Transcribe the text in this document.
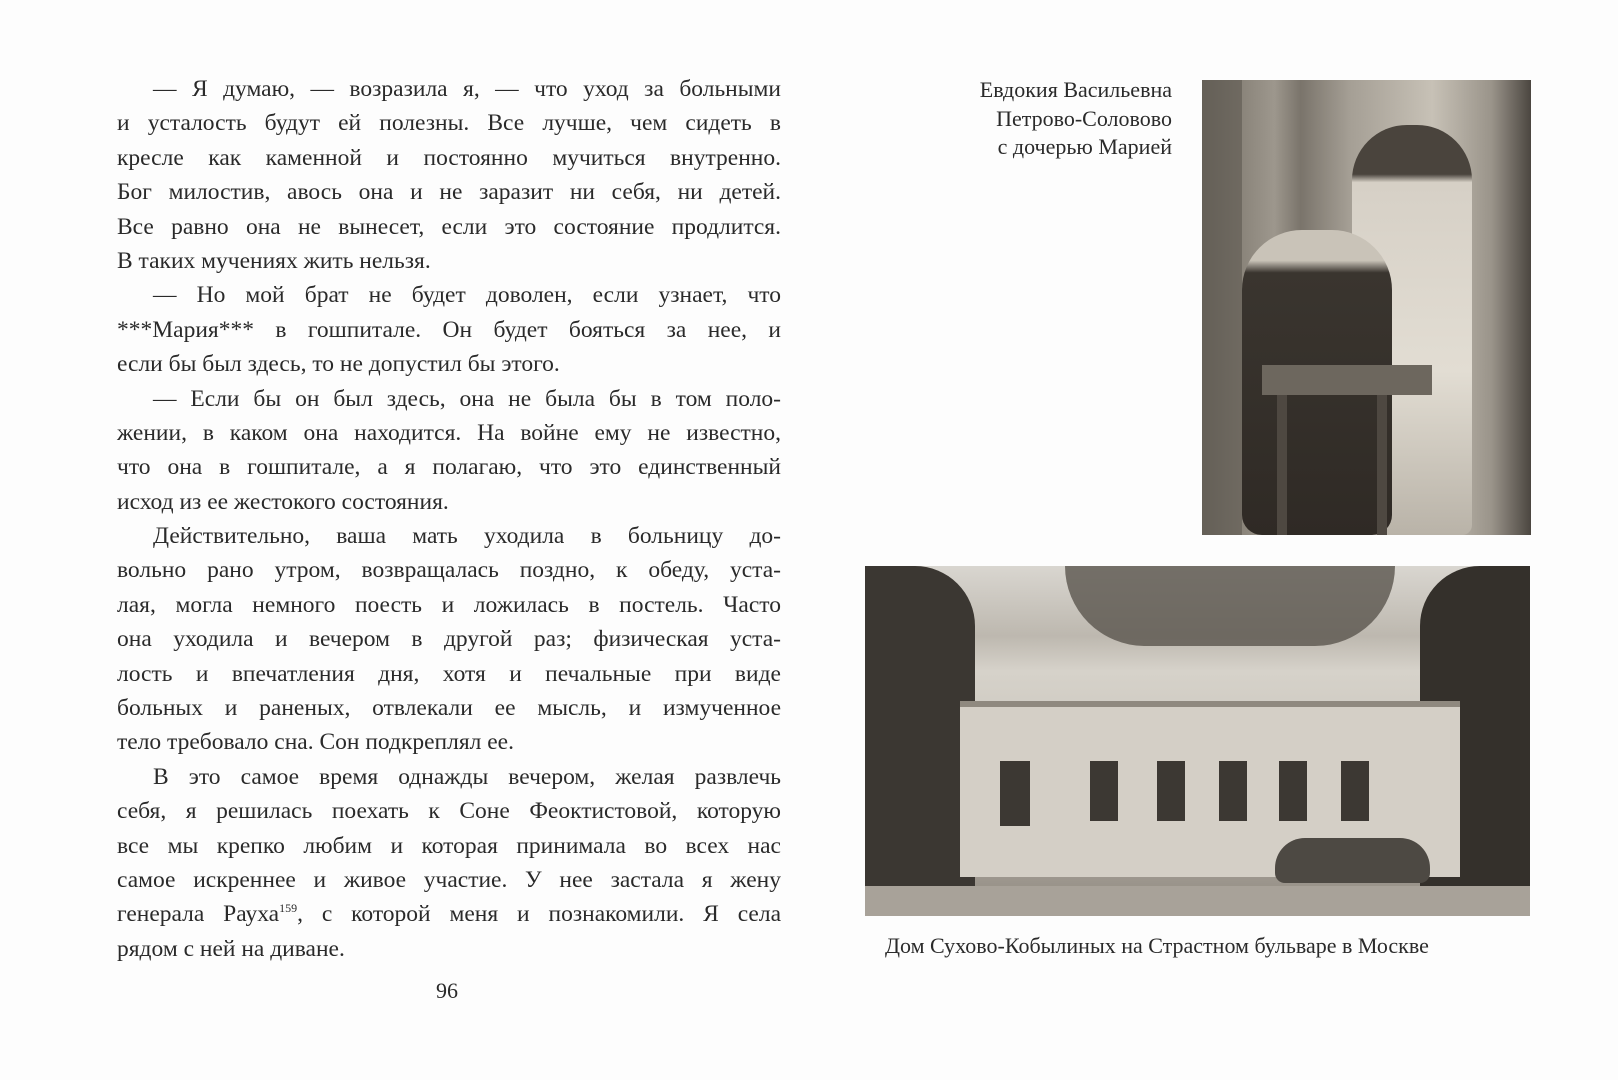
— Я думаю, — возразила я, — что уход за больными
и усталость будут ей полезны. Все лучше, чем сидеть в
кресле как каменной и постоянно мучиться внутренно.
Бог милостив, авось она и не заразит ни себя, ни детей.
Все равно она не вынесет, если это состояние продлится.
В таких мучениях жить нельзя.
— Но мой брат не будет доволен, если узнает, что
***Мария*** в гошпитале. Он будет бояться за нее, и
если бы был здесь, то не допустил бы этого.
— Если бы он был здесь, она не была бы в том поло-
жении, в каком она находится. На войне ему не известно,
что она в гошпитале, а я полагаю, что это единственный
исход из ее жестокого состояния.
Действительно, ваша мать уходила в больницу до-
вольно рано утром, возвращалась поздно, к обеду, уста-
лая, могла немного поесть и ложилась в постель. Часто
она уходила и вечером в другой раз; физическая уста-
лость и впечатления дня, хотя и печальные при виде
больных и раненых, отвлекали ее мысль, и измученное
тело требовало сна. Сон подкреплял ее.
В это самое время однажды вечером, желая развлечь
себя, я решилась поехать к Соне Феоктистовой, которую
все мы крепко любим и которая принимала во всех нас
самое искреннее и живое участие. У нее застала я жену
генерала Рауха$^{159}$, с которой меня и познакомили. Я села
рядом с ней на диване.
96
Евдокия Васильевна
Петрово-Соловово
с дочерью Марией
Дом Сухово-Кобылиных на Страстном бульваре в Москве
